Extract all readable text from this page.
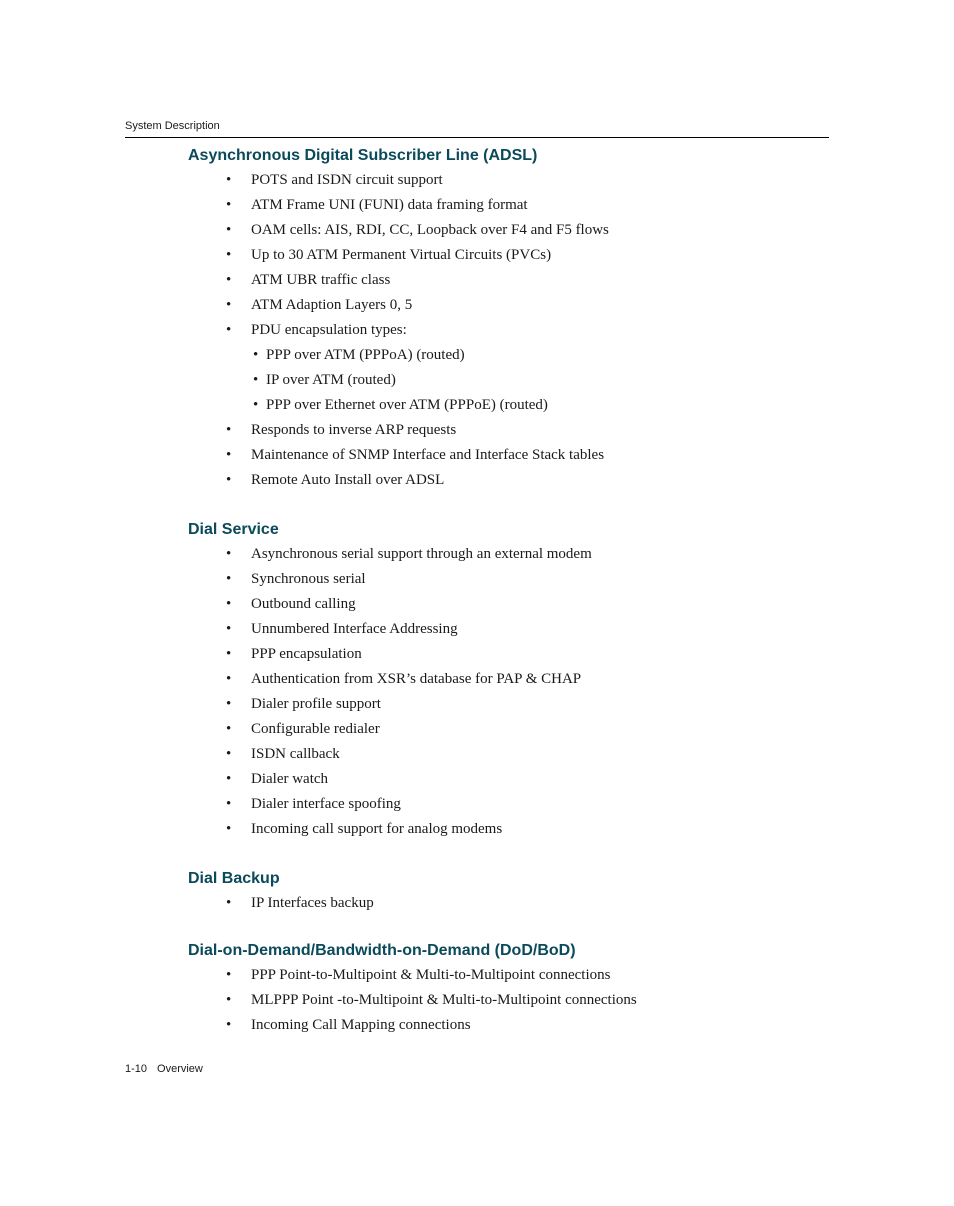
System Description
Asynchronous Digital Subscriber Line (ADSL)
• POTS and ISDN circuit support
• ATM Frame UNI (FUNI) data framing format
• OAM cells: AIS, RDI, CC, Loopback over F4 and F5 flows
• Up to 30 ATM Permanent Virtual Circuits (PVCs)
• ATM UBR traffic class
• ATM Adaption Layers 0, 5
• PDU encapsulation types:
• PPP over ATM (PPPoA) (routed)
• IP over ATM (routed)
• PPP over Ethernet over ATM (PPPoE) (routed)
• Responds to inverse ARP requests
• Maintenance of SNMP Interface and Interface Stack tables
• Remote Auto Install over ADSL
Dial Service
• Asynchronous serial support through an external modem
• Synchronous serial
• Outbound calling
• Unnumbered Interface Addressing
• PPP encapsulation
• Authentication from XSR’s database for PAP & CHAP
• Dialer profile support
• Configurable redialer
• ISDN callback
• Dialer watch
• Dialer interface spoofing
• Incoming call support for analog modems
Dial Backup
• IP Interfaces backup
Dial-on-Demand/Bandwidth-on-Demand (DoD/BoD)
• PPP Point-to-Multipoint & Multi-to-Multipoint connections
• MLPPP Point -to-Multipoint & Multi-to-Multipoint connections
• Incoming Call Mapping connections
1-10 Overview
